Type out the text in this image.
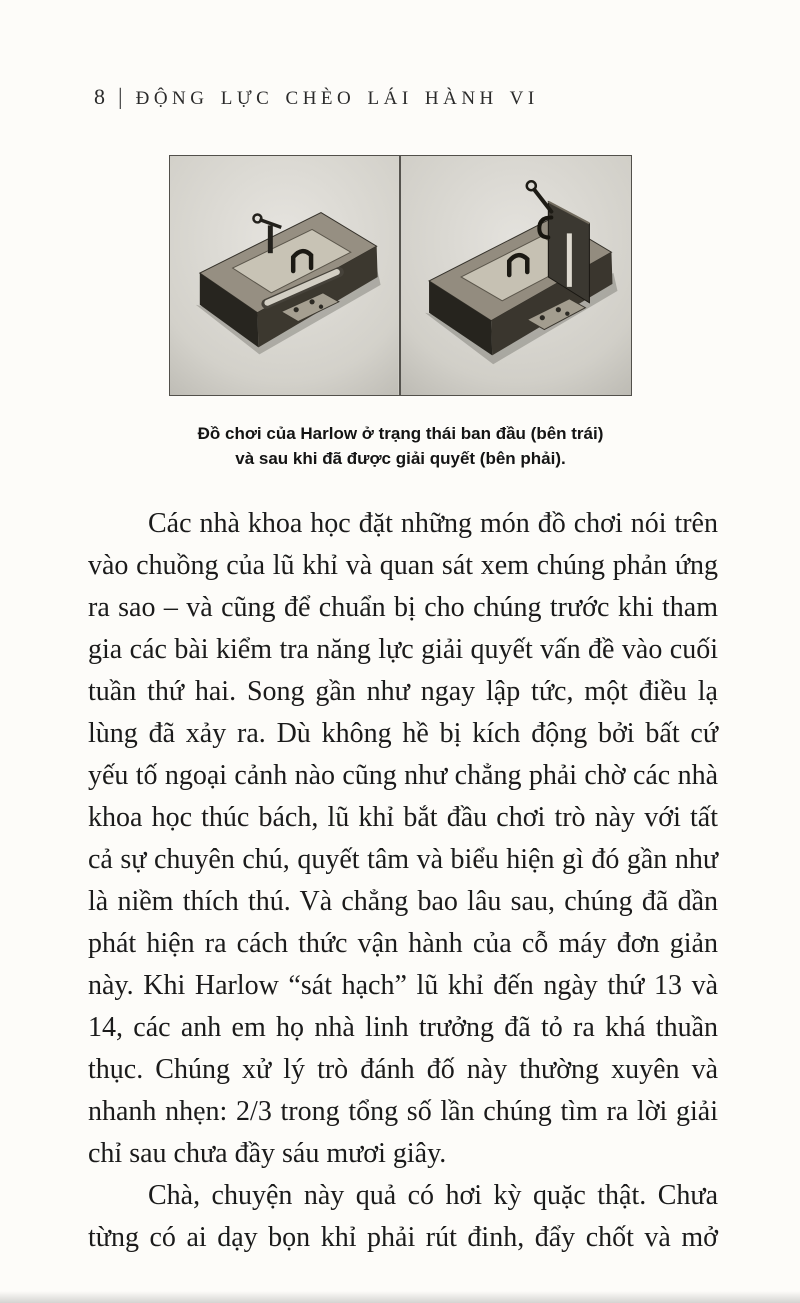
8 | ĐỘNG LỰC CHÈO LÁI HÀNH VI
Đồ chơi của Harlow ở trạng thái ban đầu (bên trái)
và sau khi đã được giải quyết (bên phải).

Các nhà khoa học đặt những món đồ chơi nói trên vào chuồng của lũ khỉ và quan sát xem chúng phản ứng ra sao – và cũng để chuẩn bị cho chúng trước khi tham gia các bài kiểm tra năng lực giải quyết vấn đề vào cuối tuần thứ hai. Song gần như ngay lập tức, một điều lạ lùng đã xảy ra. Dù không hề bị kích động bởi bất cứ yếu tố ngoại cảnh nào cũng như chẳng phải chờ các nhà khoa học thúc bách, lũ khỉ bắt đầu chơi trò này với tất cả sự chuyên chú, quyết tâm và biểu hiện gì đó gần như là niềm thích thú. Và chẳng bao lâu sau, chúng đã dần phát hiện ra cách thức vận hành của cỗ máy đơn giản này. Khi Harlow “sát hạch” lũ khỉ đến ngày thứ 13 và 14, các anh em họ nhà linh trưởng đã tỏ ra khá thuần thục. Chúng xử lý trò đánh đố này thường xuyên và nhanh nhẹn: 2/3 trong tổng số lần chúng tìm ra lời giải chỉ sau chưa đầy sáu mươi giây.

Chà, chuyện này quả có hơi kỳ quặc thật. Chưa từng có ai dạy bọn khỉ phải rút đinh, đẩy chốt và mở
